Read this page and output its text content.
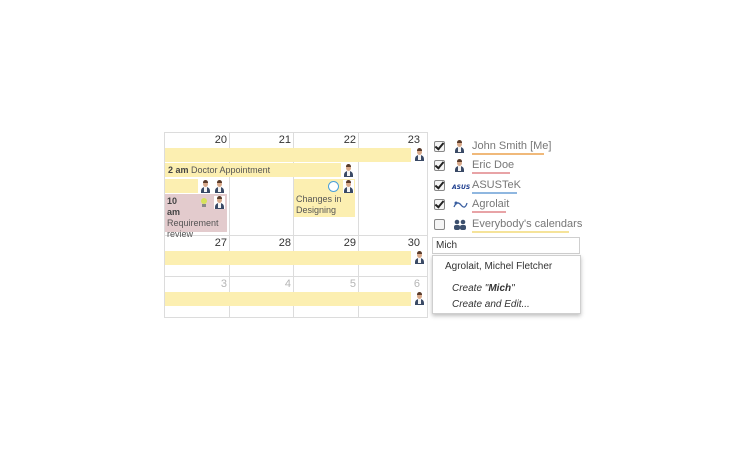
20	21	22	23
2 am Doctor Appointment
10
am Requirement
review
Changes in
Designing
27	28	29	30
3	4	5	6
John Smith [Me]
Eric Doe
ASUS ASUSTeK
Agrolait
Everybody's calendars
Mich
Agrolait, Michel Fletcher
Create "Mich"
Create and Edit...
